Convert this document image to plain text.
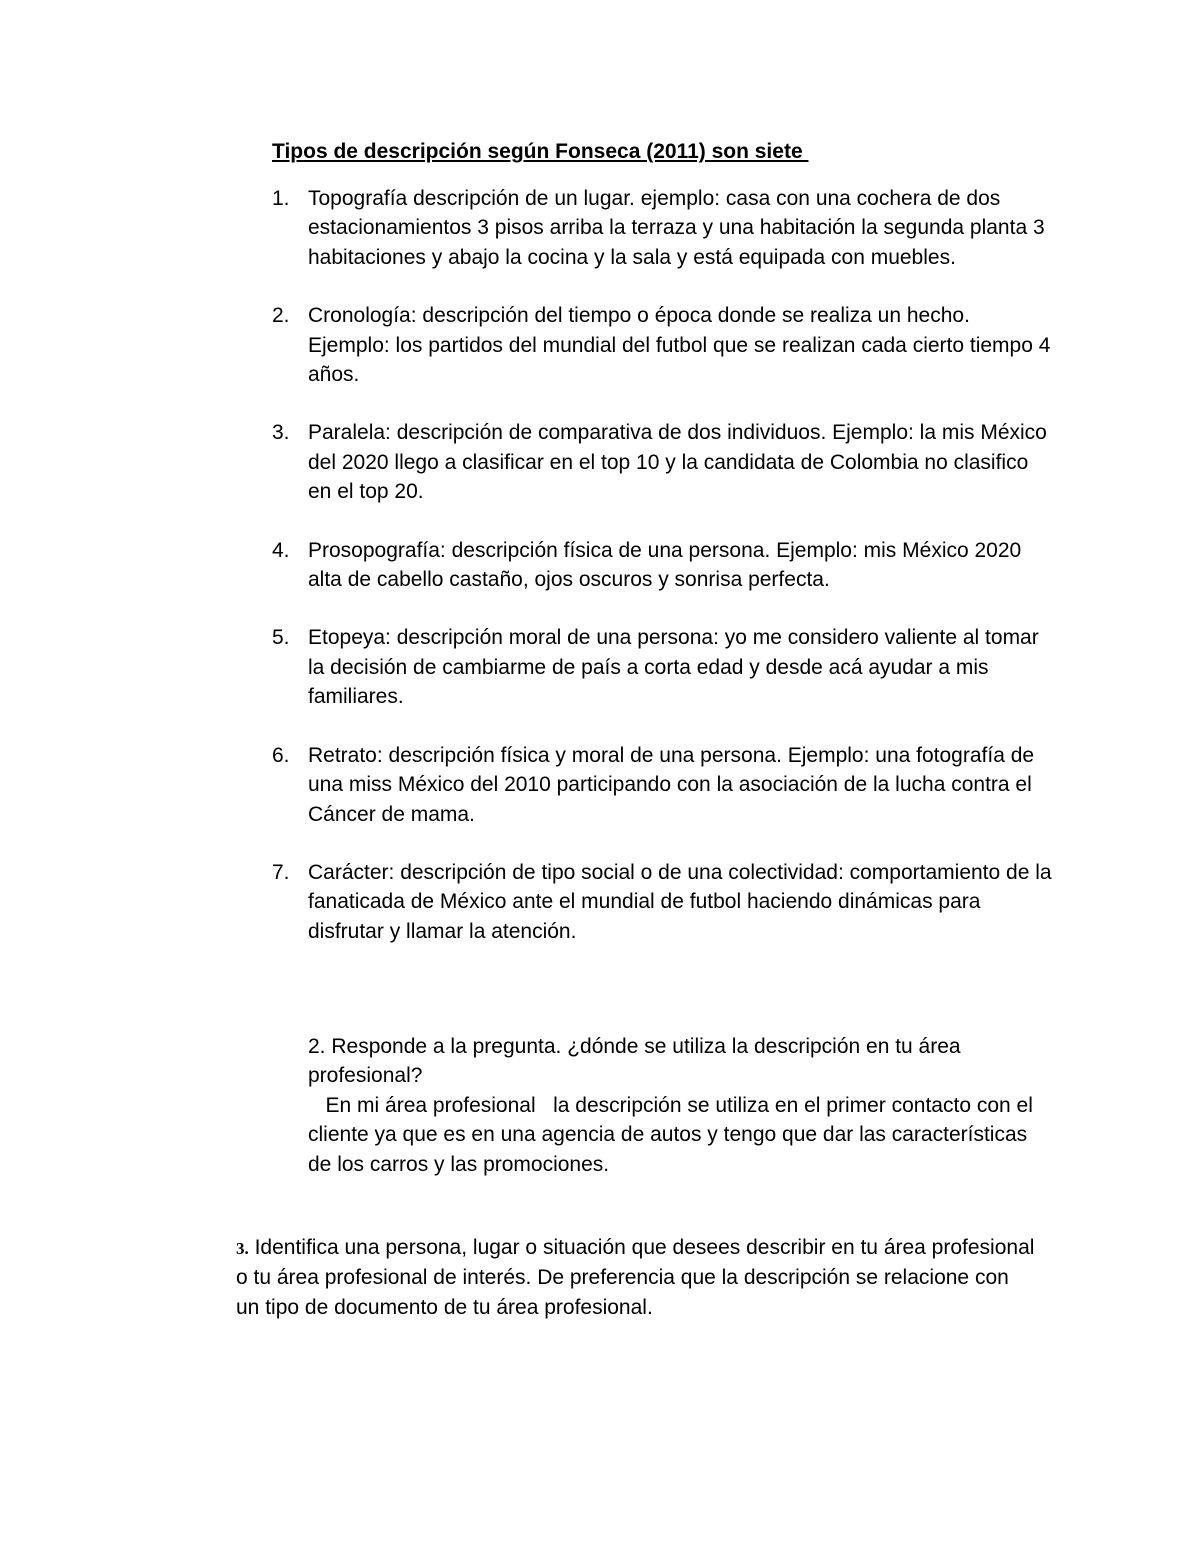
Tipos de descripción según Fonseca (2011) son siete
1. Topografía descripción de un lugar. ejemplo: casa con una cochera de dos estacionamientos 3 pisos arriba la terraza y una habitación la segunda planta 3 habitaciones y abajo la cocina y la sala y está equipada con muebles.
2. Cronología: descripción del tiempo o época donde se realiza un hecho. Ejemplo: los partidos del mundial del futbol que se realizan cada cierto tiempo 4 años.
3. Paralela: descripción de comparativa de dos individuos. Ejemplo: la mis México del 2020 llego a clasificar en el top 10 y la candidata de Colombia no clasifico en el top 20.
4. Prosopografía: descripción física de una persona. Ejemplo: mis México 2020 alta de cabello castaño, ojos oscuros y sonrisa perfecta.
5. Etopeya: descripción moral de una persona: yo me considero valiente al tomar la decisión de cambiarme de país a corta edad y desde acá ayudar a mis familiares.
6. Retrato: descripción física y moral de una persona. Ejemplo: una fotografía de una miss México del 2010 participando con la asociación de la lucha contra el Cáncer de mama.
7. Carácter: descripción de tipo social o de una colectividad: comportamiento de la fanaticada de México ante el mundial de futbol haciendo dinámicas para disfrutar y llamar la atención.
2. Responde a la pregunta. ¿dónde se utiliza la descripción en tu área profesional?
En mi área profesional   la descripción se utiliza en el primer contacto con el cliente ya que es en una agencia de autos y tengo que dar las características de los carros y las promociones.
3. Identifica una persona, lugar o situación que desees describir en tu área profesional o tu área profesional de interés. De preferencia que la descripción se relacione con un tipo de documento de tu área profesional.
